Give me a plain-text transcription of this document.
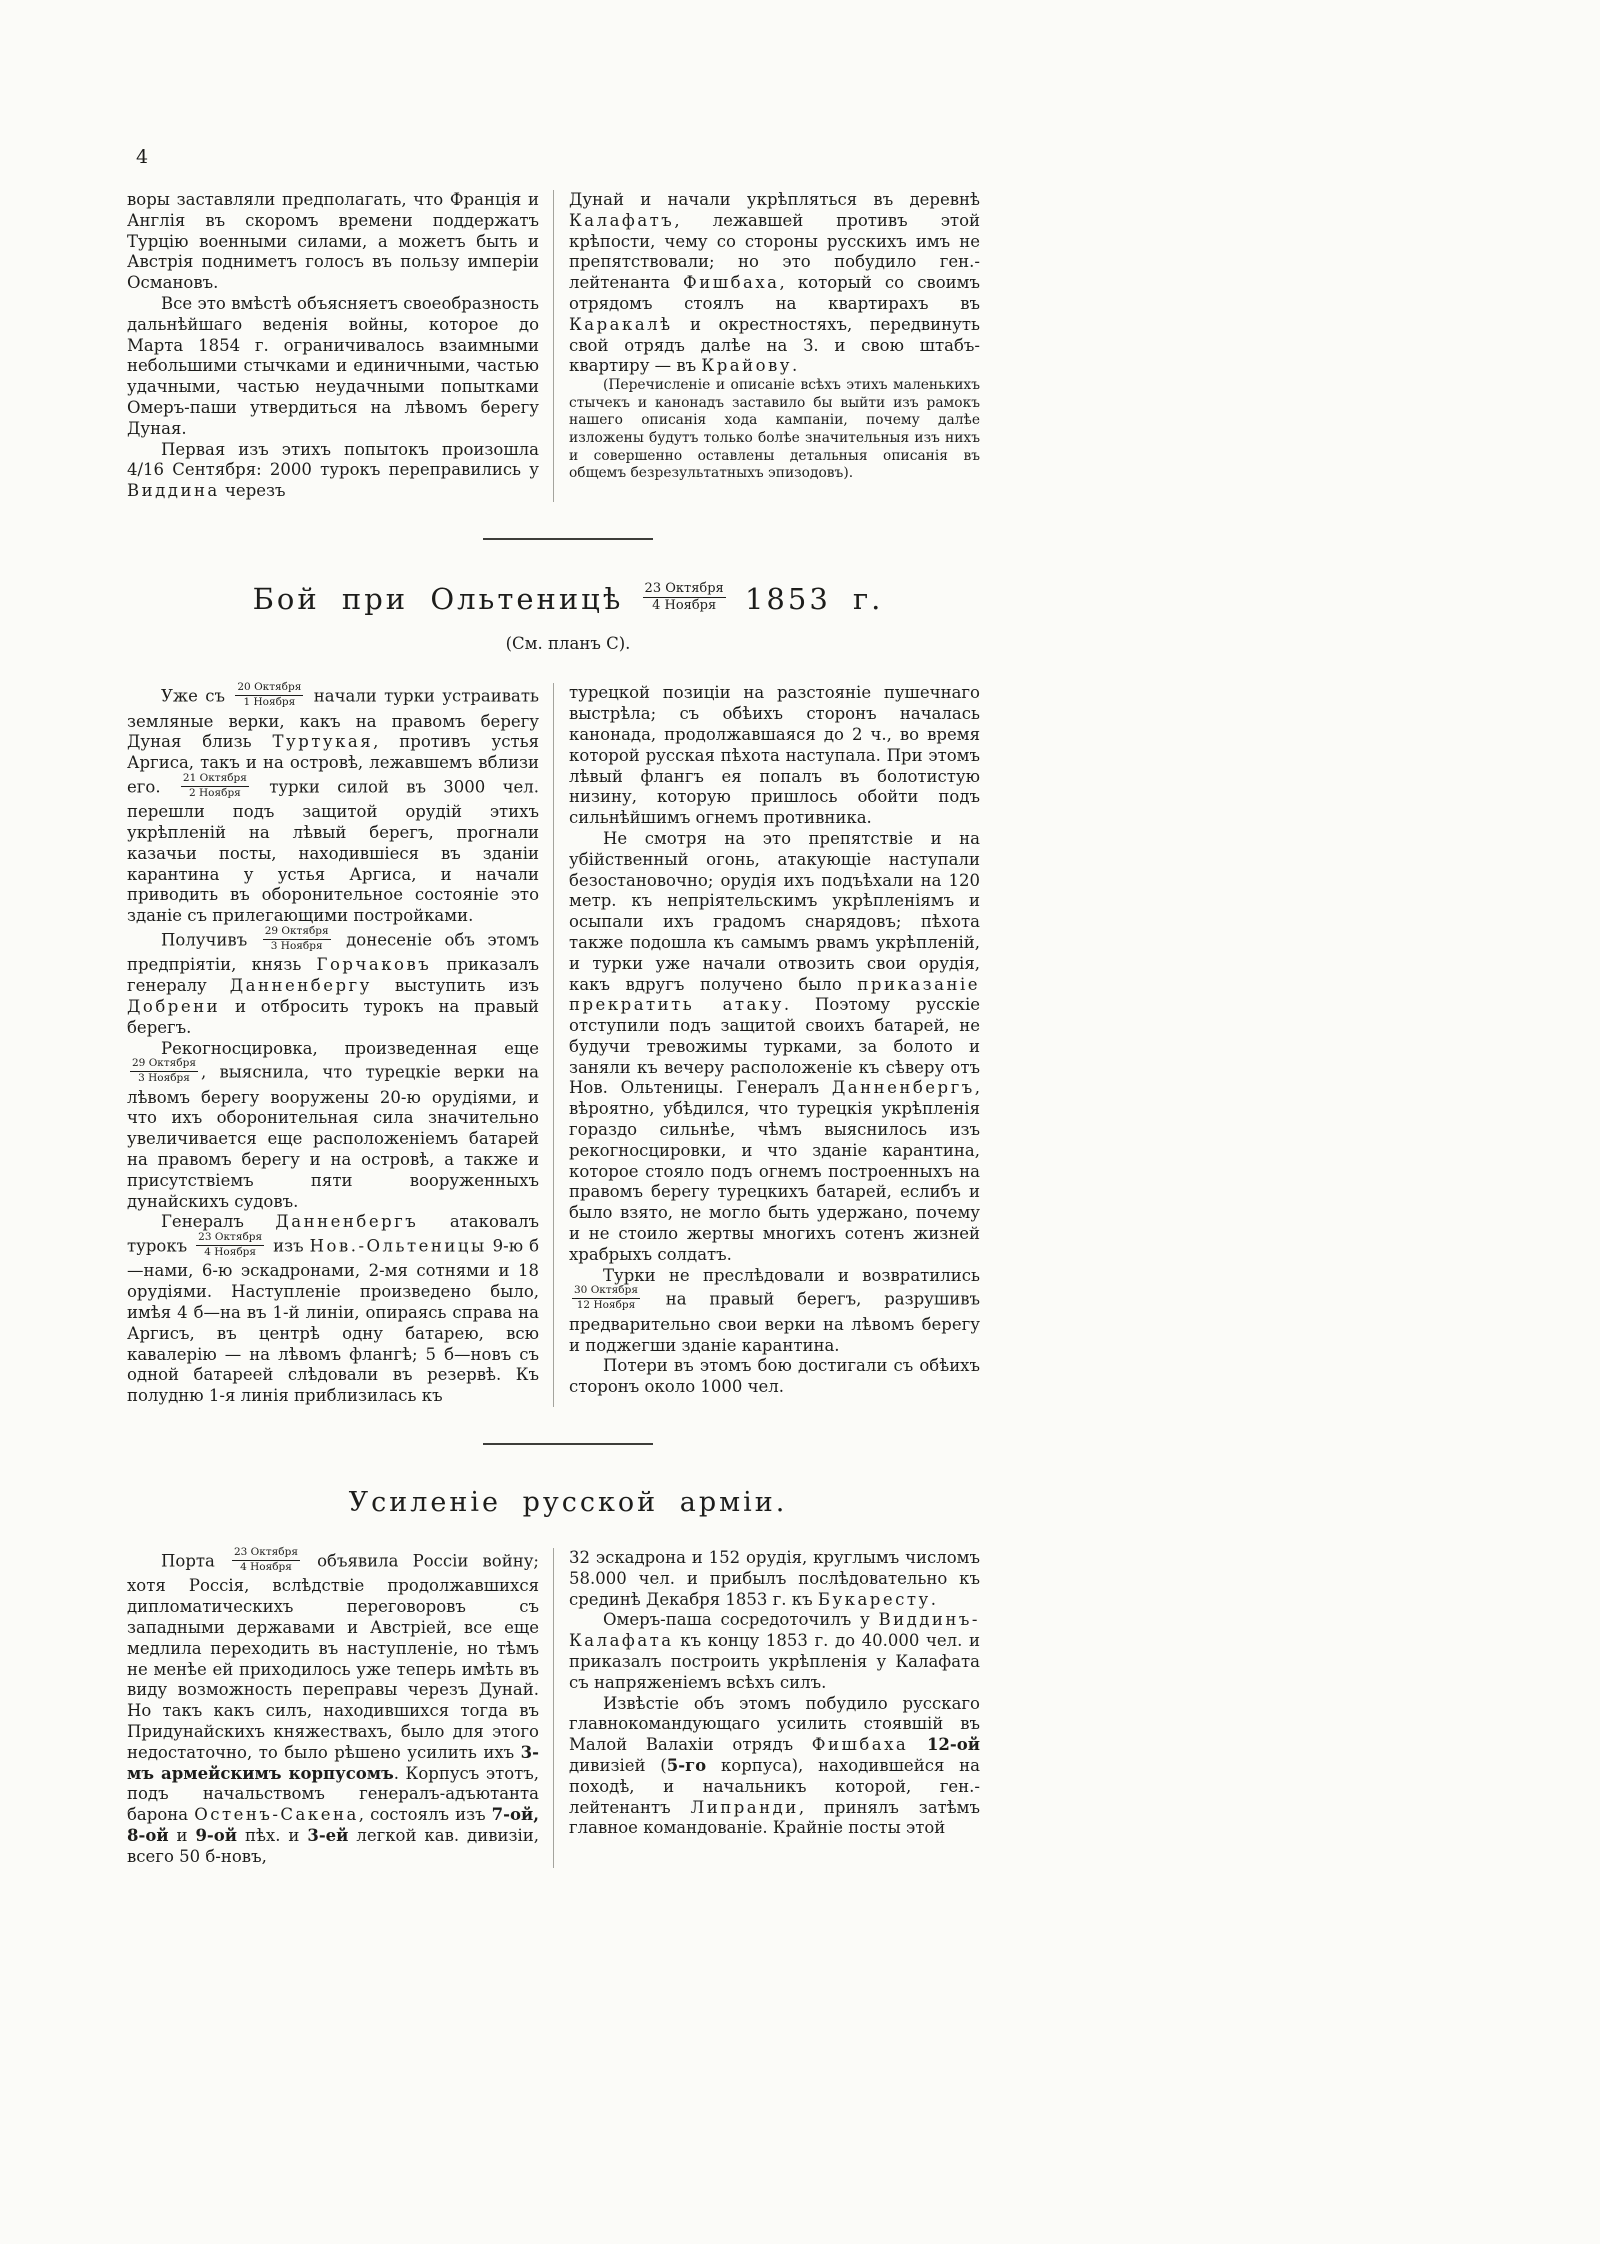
4

воры заставляли предполагать, что Франція и Англія въ скоромъ времени поддержатъ Турцію военными силами, а можетъ быть и Австрія подниметъ голосъ въ пользу имперіи Османовъ.

Все это вмѣстѣ объясняетъ своеобразность дальнѣйшаго веденія войны, которое до Марта 1854 г. ограничивалось взаимными небольшими стычками и единичными, частью удачными, частью неудачными попытками Омеръ-паши утвердиться на лѣвомъ берегу Дуная.

Первая изъ этихъ попытокъ произошла 4/16 Сентября: 2000 турокъ переправились у Виддина черезъ

Дунай и начали укрѣпляться въ деревнѣ Калафатъ, лежавшей противъ этой крѣпости, чему со стороны русскихъ имъ не препятствовали; но это побудило ген.-лейтенанта Фишбаха, который со своимъ отрядомъ стоялъ на квартирахъ въ Каракалѣ и окрестностяхъ, передвинуть свой отрядъ далѣе на З. и свою штабъ-квартиру — въ Крайову.

(Перечисленіе и описаніе всѣхъ этихъ маленькихъ стычекъ и канонадъ заставило бы выйти изъ рамокъ нашего описанія хода кампаніи, почему далѣе изложены будутъ только болѣе значительныя изъ нихъ и совершенно оставлены детальныя описанія въ общемъ безрезультатныхъ эпизодовъ).

Бой при Ольтеницѣ $\frac{\text{23 Октября}}{\text{4 Ноября}} 1853$ г.

(См. планъ С).

Уже съ $\frac{\text{20 Октября}}{\text{1 Ноября}}$ начали турки устраивать земляные верки, какъ на правомъ берегу Дуная близь Туртукая, противъ устья Аргиса, такъ и на островѣ, лежавшемъ вблизи его. $\frac{\text{21 Октября}}{\text{2 Ноября}}$ турки силой въ 3000 чел. перешли подъ защитой орудій этихъ укрѣпленій на лѣвый берегъ, прогнали казачьи посты, находившіеся въ зданіи карантина у устья Аргиса, и начали приводить въ оборонительное состояніе это зданіе съ прилегающими постройками.

Получивъ $\frac{\text{29 Октября}}{\text{3 Ноября}}$ донесеніе объ этомъ предпріятіи, князь Горчаковъ приказалъ генералу Данненбергу выступить изъ Добрени и отбросить турокъ на правый берегъ.

Рекогносцировка, произведенная еще
$\frac{\text{29 Октября}}{\text{3 Ноября}}$ , выяснила, что турецкіе верки на лѣвомъ берегу вооружены 20-ю орудіями, и что ихъ оборонительная сила значительно увеличивается еще расположеніемъ батарей на правомъ берегу и на островѣ, а также и присутствіемъ пяти вооруженныхъ дунайскихъ судовъ.

Генералъ Данненбергъ атаковалъ турокъ $\frac{\text{23 Октября}}{\text{4 Ноября}}$ изъ Нов.-Ольтеницы 9-ю б—нами, 6-ю эскадронами, 2-мя сотнями и 18 орудіями. Наступленіе произведено было, имѣя 4 б—на въ 1-й линіи, опираясь справа на Аргисъ, въ центрѣ одну батарею, всю кавалерію — на лѣвомъ флангѣ; 5 б—новъ съ одной батареей слѣдовали въ резервѣ. Къ полудню 1-я линія приблизилась къ

турецкой позиціи на разстояніе пушечнаго выстрѣла; съ обѣихъ сторонъ началась канонада, продолжавшаяся до 2 ч., во время которой русская пѣхота наступала. При этомъ лѣвый флангъ ея попалъ въ болотистую низину, которую пришлось обойти подъ сильнѣйшимъ огнемъ противника.

Не смотря на это препятствіе и на убійственный огонь, атакующіе наступали безостановочно; орудія ихъ подъѣхали на 120 метр. къ непріятельскимъ укрѣпленіямъ и осыпали ихъ градомъ снарядовъ; пѣхота также подошла къ самымъ рвамъ укрѣпленій, и турки уже начали отвозить свои орудія, какъ вдругъ получено было приказаніе прекратить атаку. Поэтому русскіе отступили подъ защитой своихъ батарей, не будучи тревожимы турками, за болото и заняли къ вечеру расположеніе къ сѣверу отъ Нов. Ольтеницы. Генералъ Данненбергъ, вѣроятно, убѣдился, что турецкія укрѣпленія гораздо сильнѣе, чѣмъ выяснилось изъ рекогносцировки, и что зданіе карантина, которое стояло подъ огнемъ построенныхъ на правомъ берегу турецкихъ батарей, еслибъ и было взято, не могло быть удержано, почему и не стоило жертвы многихъ сотенъ жизней храбрыхъ солдатъ.

Турки не преслѣдовали и возвратились
$\frac{\text{30 Октября}}{\text{12 Ноября}}$ на правый берегъ, разрушивъ предварительно свои верки на лѣвомъ берегу и поджегши зданіе карантина.

Потери въ этомъ бою достигали съ обѣихъ сторонъ около 1000 чел.

Усиленіе русской арміи.

Порта $\frac{\text{23 Октября}}{\text{4 Ноября}}$ объявила Россіи войну; хотя Россія, вслѣдствіе продолжавшихся дипломатическихъ переговоровъ съ западными державами и Австріей, все еще медлила переходить въ наступленіе, но тѣмъ не менѣе ей приходилось уже теперь имѣть въ виду возможность переправы черезъ Дунай. Но такъ какъ силъ, находившихся тогда въ Придунайскихъ княжествахъ, было для этого недостаточно, то было рѣшено усилить ихъ 3-мъ армейскимъ корпусомъ. Корпусъ этотъ, подъ начальствомъ генералъ-адъютанта барона Остенъ-Сакена, состоялъ изъ 7-ой, 8-ой и 9-ой пѣх. и 3-ей легкой кав. дивизіи, всего 50 б-новъ,

32 эскадрона и 152 орудія, круглымъ числомъ 58.000 чел. и прибылъ послѣдовательно къ срединѣ Декабря 1853 г. къ Букаресту.

Омеръ-паша сосредоточилъ у Виддинъ-Калафата къ концу 1853 г. до 40.000 чел. и приказалъ построить укрѣпленія у Калафата съ напряженіемъ всѣхъ силъ.

Извѣстіе объ этомъ побудило русскаго главнокомандующаго усилить стоявшій въ Малой Валахіи отрядъ Фишбаха 12-ой дивизіей (5-го корпуса), находившейся на походѣ, и начальникъ которой, ген.-лейтенантъ Липранди, принялъ затѣмъ главное командованіе. Крайніе посты этой
